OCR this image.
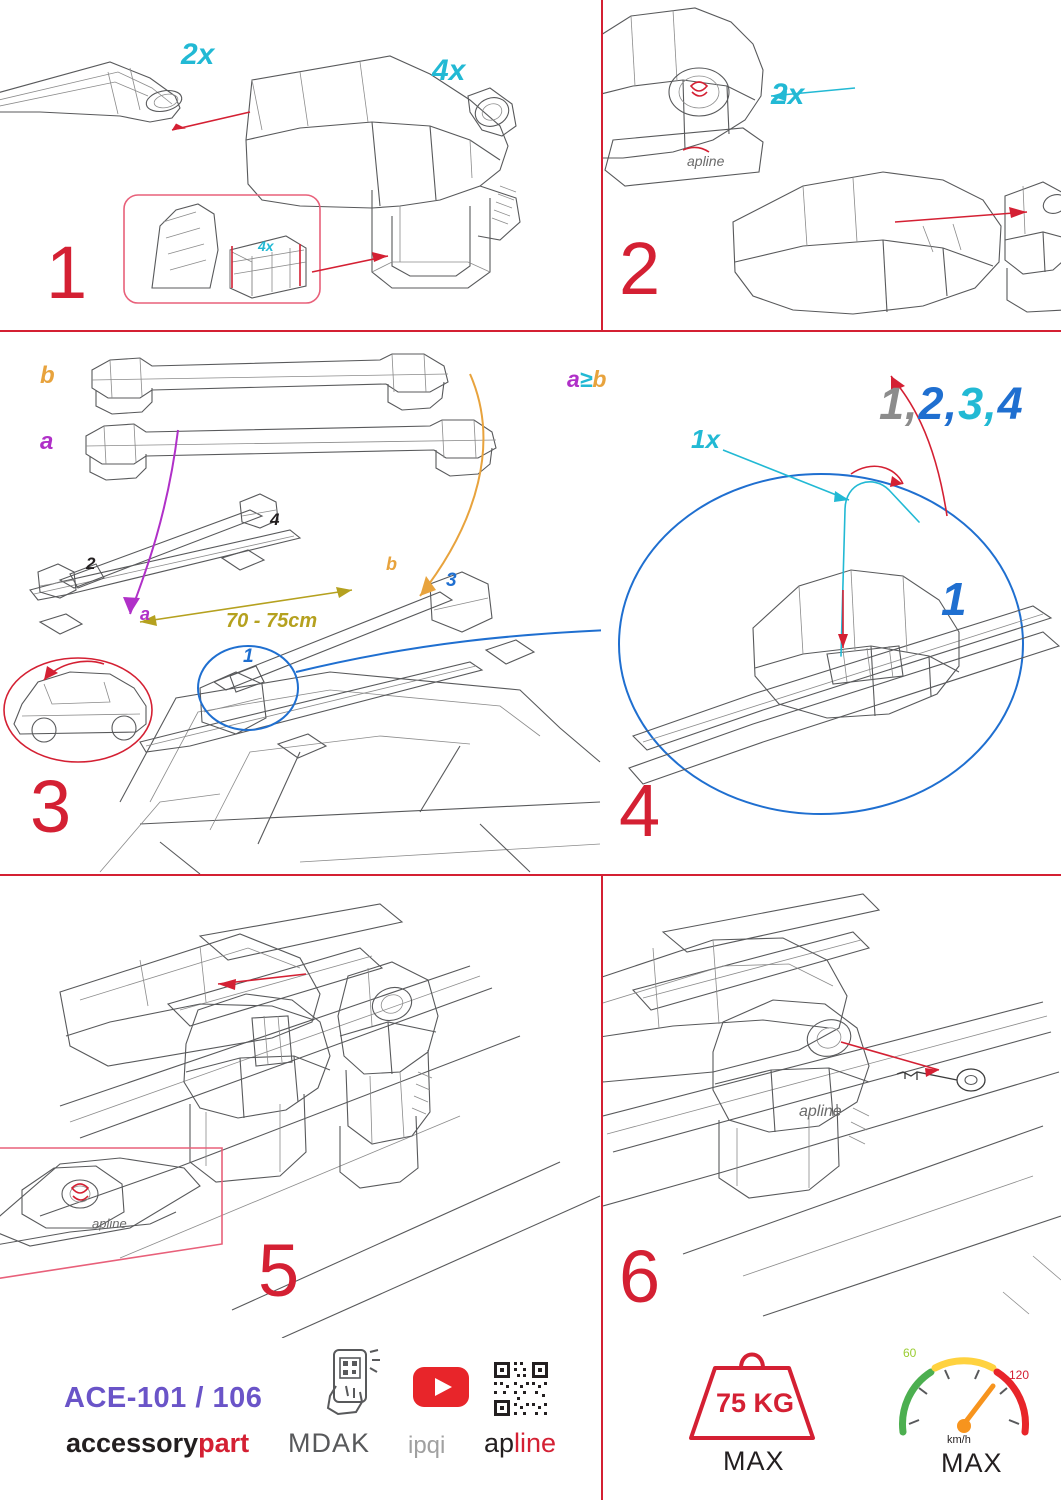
2x	4x
4x
1
apline
2x
2
b
a
a
b
70 - 75cm
1
2
3
4
3
a≥b
1x
1,2,3,4
1
4
apline
5
apline
6
ACE-101 / 106
accessorypart MDAK ipqi apline
75 KG
MAX
60
120
km/h
MAX
